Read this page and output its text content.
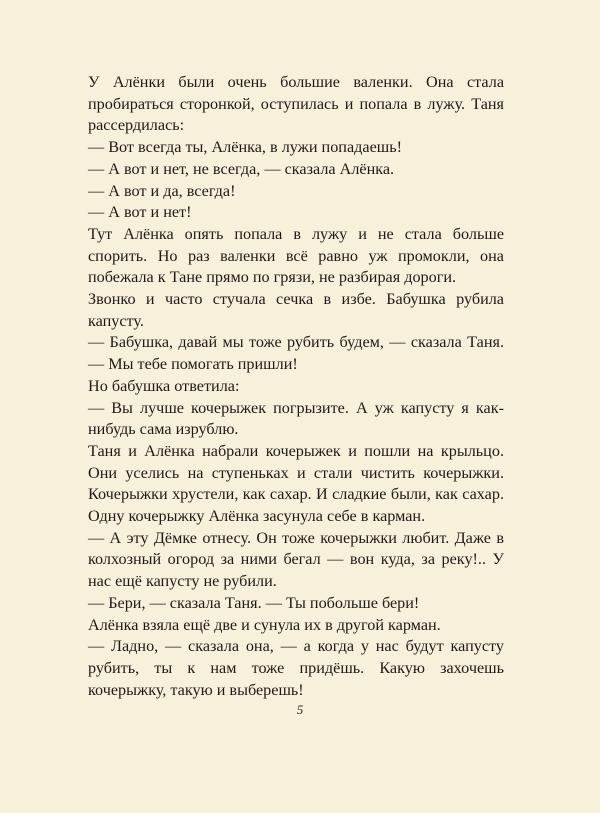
У Алёнки были очень большие валенки. Она стала пробираться сторонкой, оступилась и попала в лужу. Таня рассердилась:

— Вот всегда ты, Алёнка, в лужи попадаешь!

— А вот и нет, не всегда, — сказала Алёнка.

— А вот и да, всегда!

— А вот и нет!

Тут Алёнка опять попала в лужу и не стала больше спорить. Но раз валенки всё равно уж промокли, она побежала к Тане прямо по грязи, не разбирая дороги.

Звонко и часто стучала сечка в избе. Бабушка рубила капусту.

— Бабушка, давай мы тоже рубить будем, — сказала Таня. — Мы тебе помогать пришли!

Но бабушка ответила:

— Вы лучше кочерыжек погрызите. А уж капусту я как-нибудь сама изрублю.

Таня и Алёнка набрали кочерыжек и пошли на крыльцо. Они уселись на ступеньках и стали чистить кочерыжки. Кочерыжки хрустели, как сахар. И сладкие были, как сахар. Одну кочерыжку Алёнка засунула себе в карман.

— А эту Дёмке отнесу. Он тоже кочерыжки любит. Даже в колхозный огород за ними бегал — вон куда, за реку!.. У нас ещё капусту не рубили.

— Бери, — сказала Таня. — Ты побольше бери!

Алёнка взяла ещё две и сунула их в другой карман.

— Ладно, — сказала она, — а когда у нас будут капусту рубить, ты к нам тоже придёшь. Какую захочешь кочерыжку, такую и выберешь!

5
